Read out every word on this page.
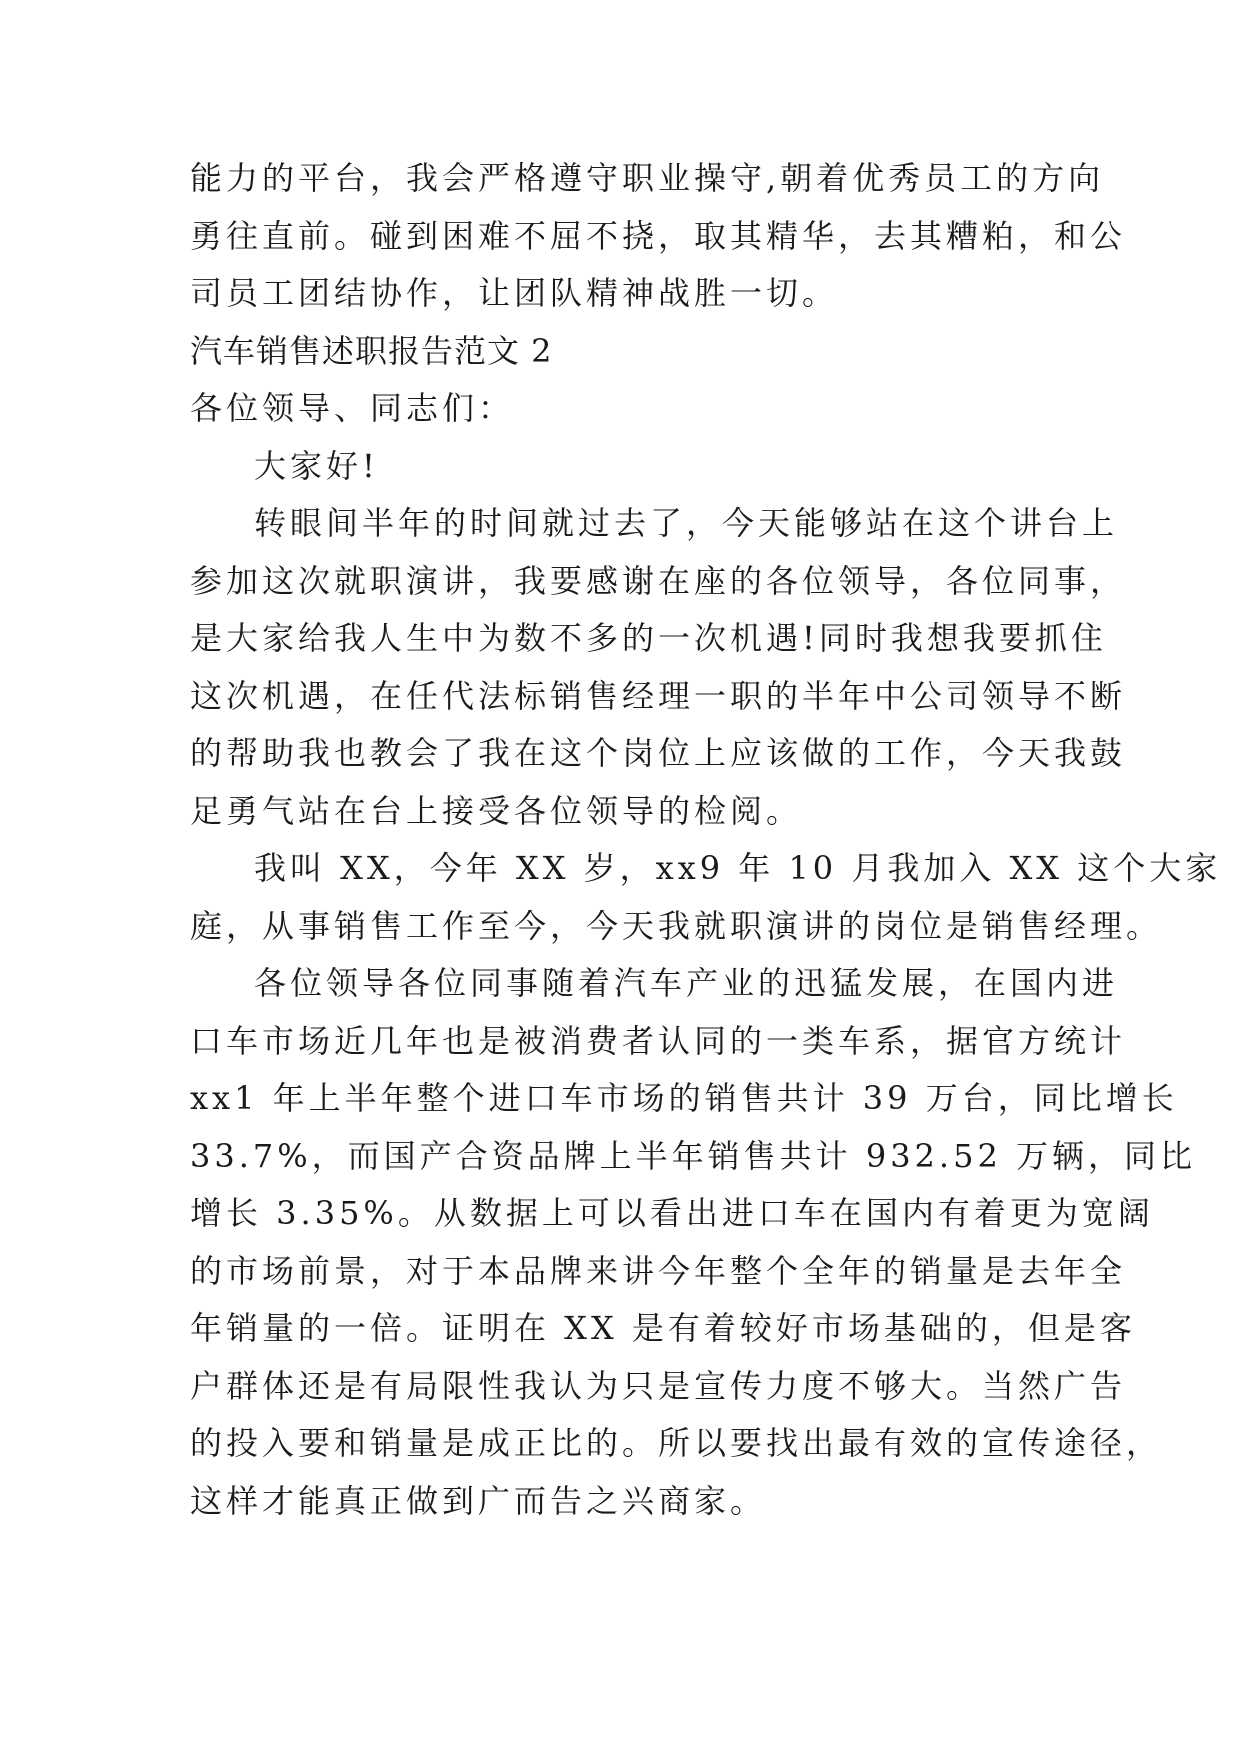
能力的平台，我会严格遵守职业操守,朝着优秀员工的方向
勇往直前。碰到困难不屈不挠，取其精华，去其糟粕，和公
司员工团结协作，让团队精神战胜一切。
汽车销售述职报告范文 2
各位领导、同志们：
大家好!
转眼间半年的时间就过去了，今天能够站在这个讲台上
参加这次就职演讲，我要感谢在座的各位领导，各位同事，
是大家给我人生中为数不多的一次机遇!同时我想我要抓住
这次机遇，在任代法标销售经理一职的半年中公司领导不断
的帮助我也教会了我在这个岗位上应该做的工作，今天我鼓
足勇气站在台上接受各位领导的检阅。
我叫 XX，今年 XX 岁，xx9 年 10 月我加入 XX 这个大家
庭，从事销售工作至今，今天我就职演讲的岗位是销售经理。
各位领导各位同事随着汽车产业的迅猛发展，在国内进
口车市场近几年也是被消费者认同的一类车系，据官方统计
xx1 年上半年整个进口车市场的销售共计 39 万台，同比增长
33.7%，而国产合资品牌上半年销售共计 932.52 万辆，同比
增长 3.35%。从数据上可以看出进口车在国内有着更为宽阔
的市场前景，对于本品牌来讲今年整个全年的销量是去年全
年销量的一倍。证明在 XX 是有着较好市场基础的，但是客
户群体还是有局限性我认为只是宣传力度不够大。当然广告
的投入要和销量是成正比的。所以要找出最有效的宣传途径，
这样才能真正做到广而告之兴商家。
